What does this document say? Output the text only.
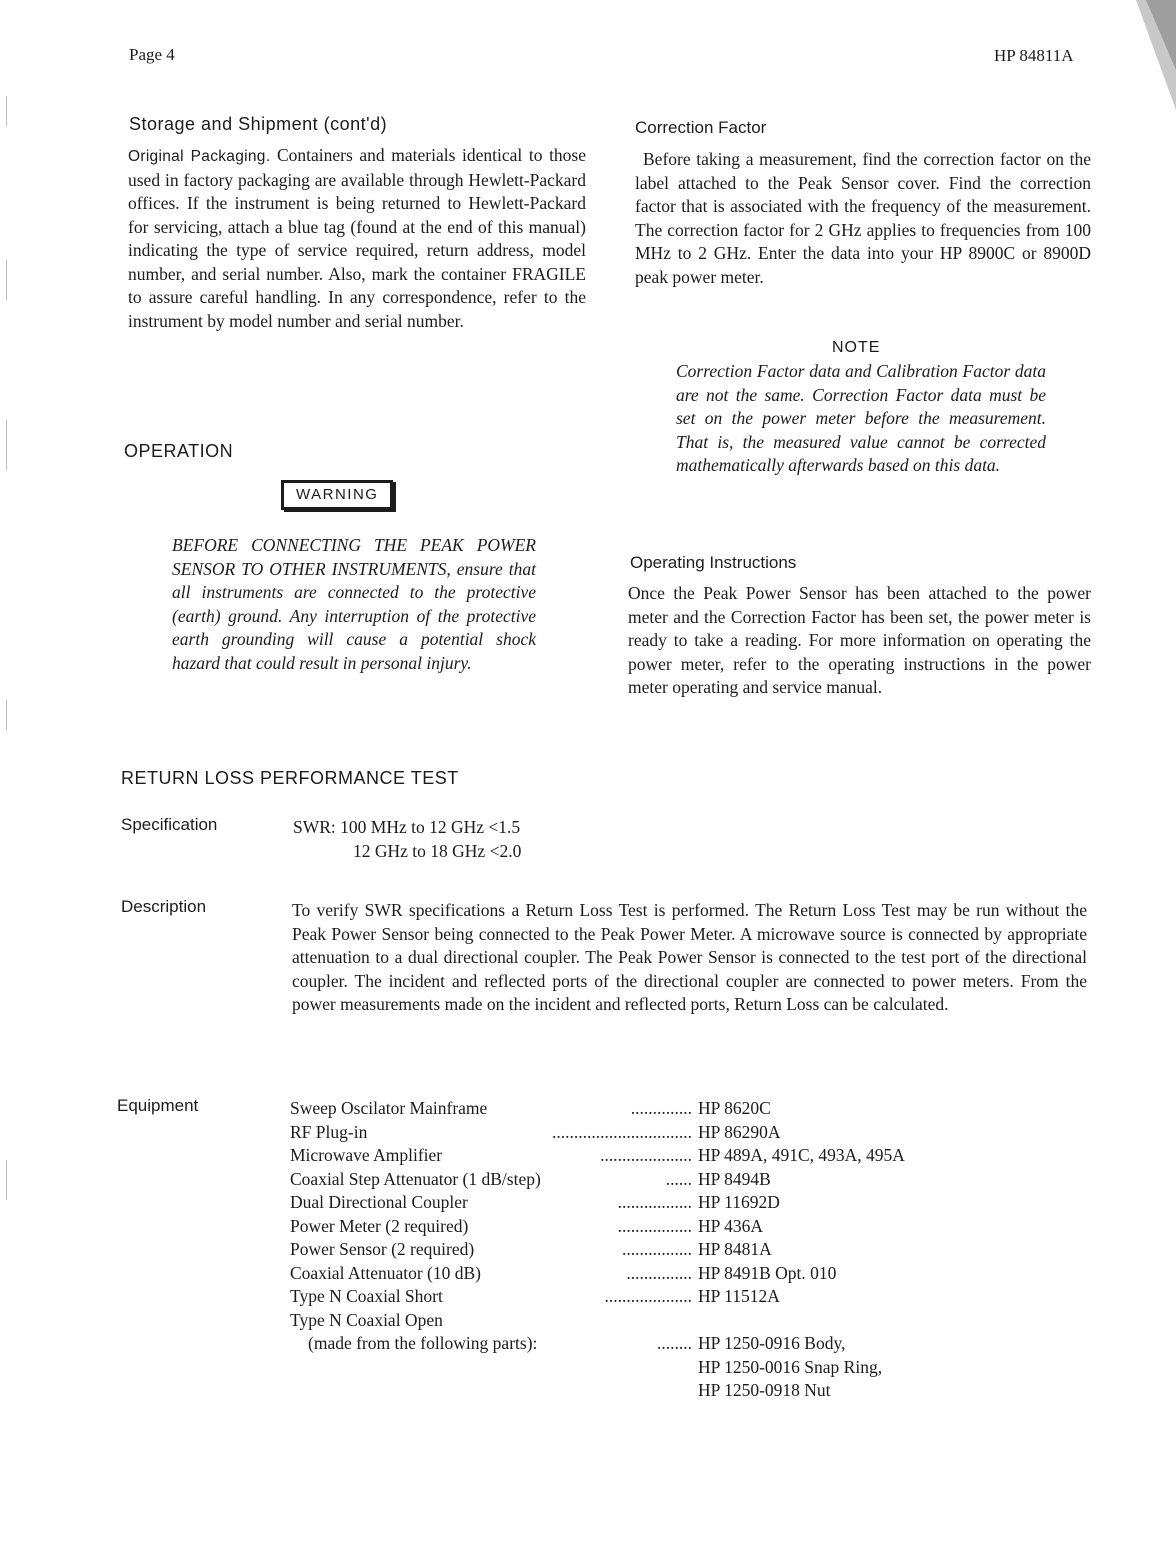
Page 4	HP 84811A
Storage and Shipment (cont'd)
Original Packaging. Containers and materials identical to those used in factory packaging are available through Hewlett-Packard offices. If the instrument is being returned to Hewlett-Packard for servicing, attach a blue tag (found at the end of this manual) indicating the type of service required, return address, model number, and serial number. Also, mark the container FRAGILE to assure careful handling. In any correspondence, refer to the instrument by model number and serial number.
OPERATION
WARNING
BEFORE CONNECTING THE PEAK POWER SENSOR TO OTHER INSTRUMENTS, ensure that all instruments are connected to the protective (earth) ground. Any interruption of the protective earth grounding will cause a potential shock hazard that could result in personal injury.
Correction Factor
Before taking a measurement, find the correction factor on the label attached to the Peak Sensor cover. Find the correction factor that is associated with the frequency of the measurement. The correction factor for 2 GHz applies to frequencies from 100 MHz to 2 GHz. Enter the data into your HP 8900C or 8900D peak power meter.
NOTE
Correction Factor data and Calibration Factor data are not the same. Correction Factor data must be set on the power meter before the measurement. That is, the measured value cannot be corrected mathematically afterwards based on this data.
Operating Instructions
Once the Peak Power Sensor has been attached to the power meter and the Correction Factor has been set, the power meter is ready to take a reading. For more information on operating the power meter, refer to the operating instructions in the power meter operating and service manual.
RETURN LOSS PERFORMANCE TEST
Specification	SWR: 100 MHz to 12 GHz <1.5
12 GHz to 18 GHz <2.0
Description	To verify SWR specifications a Return Loss Test is performed. The Return Loss Test may be run without the Peak Power Sensor being connected to the Peak Power Meter. A microwave source is connected by appropriate attenuation to a dual directional coupler. The Peak Power Sensor is connected to the test port of the directional coupler. The incident and reflected ports of the directional coupler are connected to power meters. From the power measurements made on the incident and reflected ports, Return Loss can be calculated.
Equipment	Sweep Oscilator Mainframe	.............. HP 8620C
RF Plug-in	................................ HP 86290A
Microwave Amplifier	..................... HP 489A, 491C, 493A, 495A
Coaxial Step Attenuator (1 dB/step)	...... HP 8494B
Dual Directional Coupler	................. HP 11692D
Power Meter (2 required)	................. HP 436A
Power Sensor (2 required)	................ HP 8481A
Coaxial Attenuator (10 dB)	............... HP 8491B Opt. 010
Type N Coaxial Short	.................... HP 11512A
Type N Coaxial Open
(made from the following parts):	........ HP 1250-0916 Body,
HP 1250-0016 Snap Ring,
HP 1250-0918 Nut
